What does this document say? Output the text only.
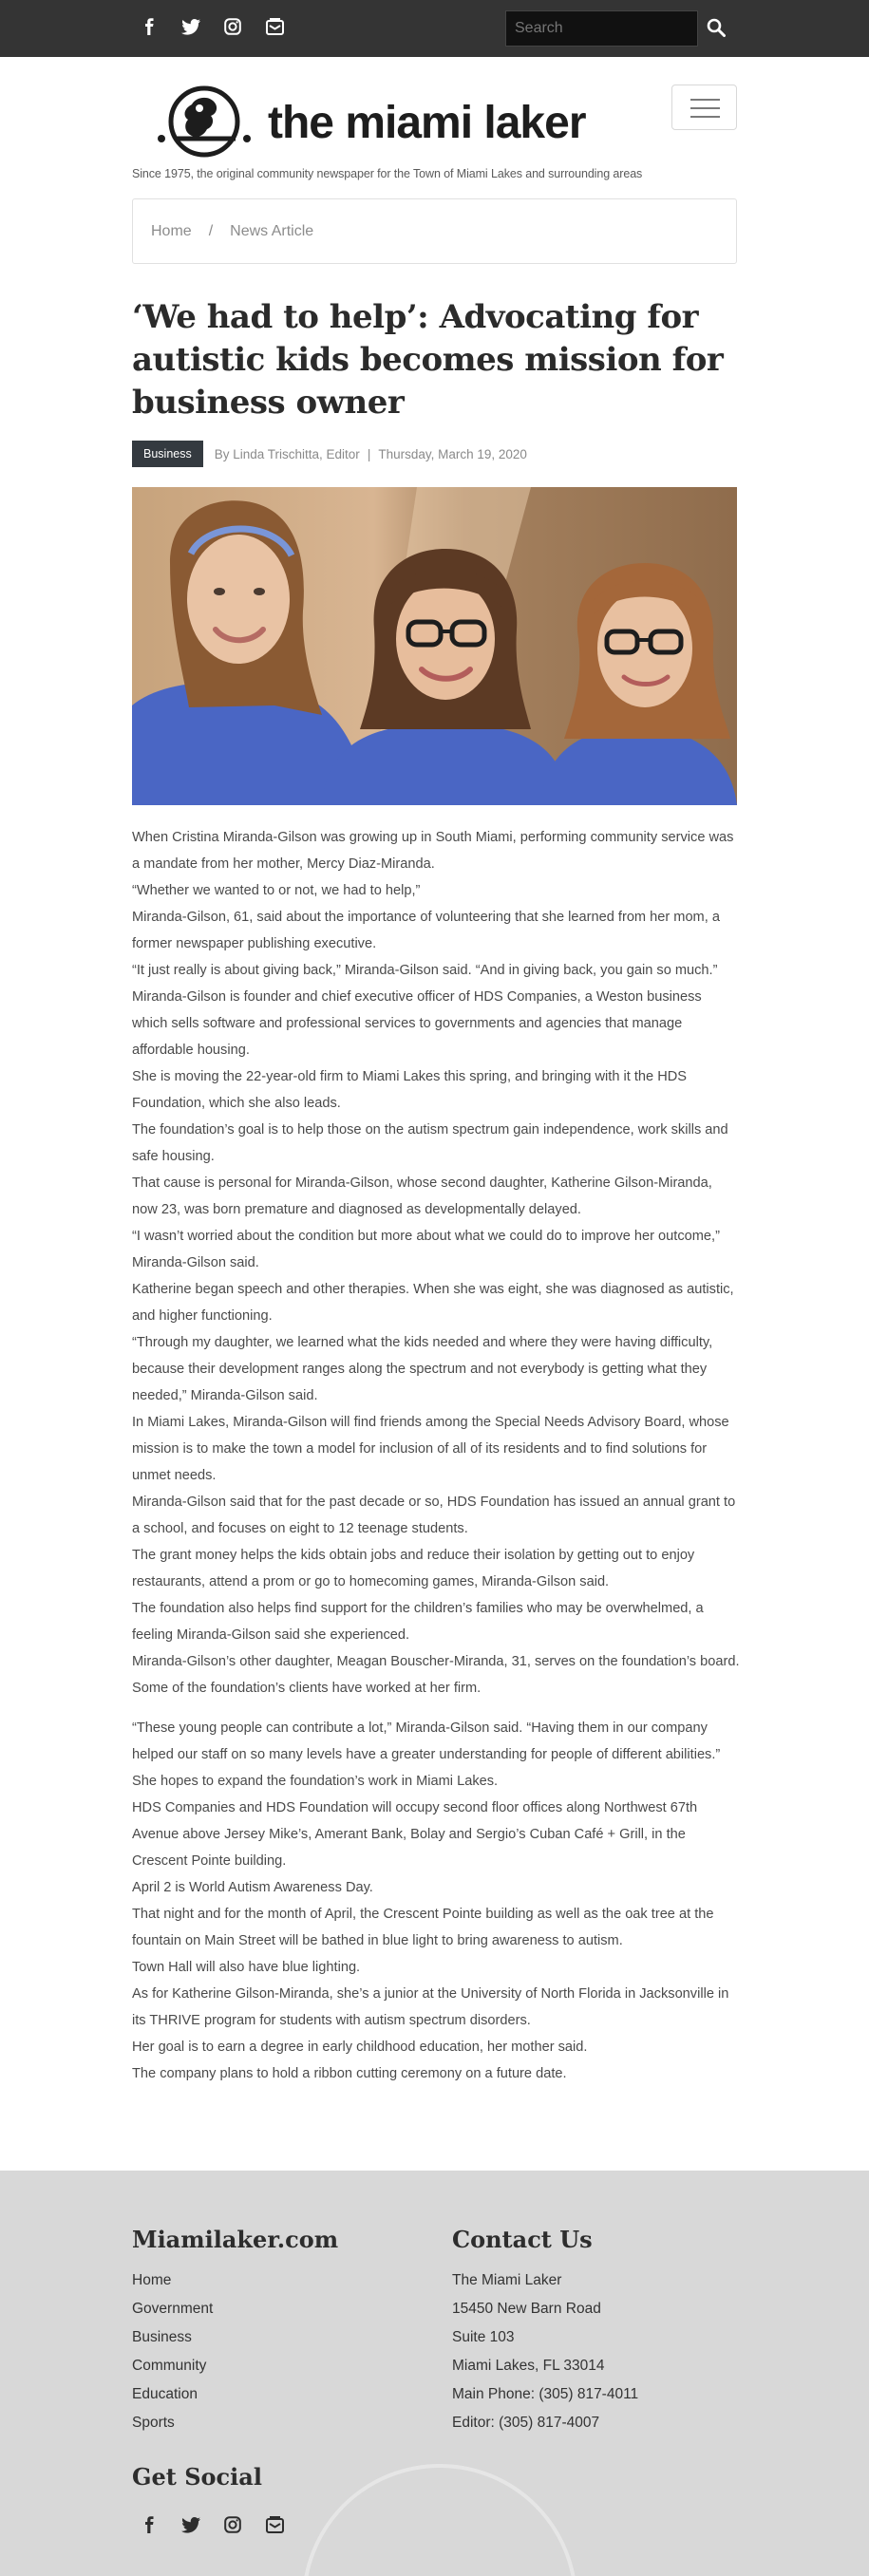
Search
the miami laker
Since 1975, the original community newspaper for the Town of Miami Lakes and surrounding areas
Home / News Article
‘We had to help’: Advocating for autistic kids becomes mission for business owner
Business	By Linda Trischitta, Editor | Thursday, March 19, 2020

When Cristina Miranda-Gilson was growing up in South Miami, performing community service was a mandate from her mother, Mercy Diaz-Miranda.

“Whether we wanted to or not, we had to help,”

Miranda-Gilson, 61, said about the importance of volunteering that she learned from her mom, a former newspaper publishing executive.

“It just really is about giving back,” Miranda-Gilson said. “And in giving back, you gain so much.”

Miranda-Gilson is founder and chief executive officer of HDS Companies, a Weston business which sells software and professional services to governments and agencies that manage affordable housing.

She is moving the 22-year-old firm to Miami Lakes this spring, and bringing with it the HDS Foundation, which she also leads.

The foundation’s goal is to help those on the autism spectrum gain independence, work skills and safe housing.

That cause is personal for Miranda-Gilson, whose second daughter, Katherine Gilson-Miranda, now 23, was born premature and diagnosed as developmentally delayed.

“I wasn’t worried about the condition but more about what we could do to improve her outcome,” Miranda-Gilson said.

Katherine began speech and other therapies. When she was eight, she was diagnosed as autistic, and higher functioning.

“Through my daughter, we learned what the kids needed and where they were having difficulty, because their development ranges along the spectrum and not everybody is getting what they needed,” Miranda-Gilson said.

In Miami Lakes, Miranda-Gilson will find friends among the Special Needs Advisory Board, whose mission is to make the town a model for inclusion of all of its residents and to find solutions for unmet needs.

Miranda-Gilson said that for the past decade or so, HDS Foundation has issued an annual grant to a school, and focuses on eight to 12 teenage students.

The grant money helps the kids obtain jobs and reduce their isolation by getting out to enjoy restaurants, attend a prom or go to homecoming games, Miranda-Gilson said.

The foundation also helps find support for the children’s families who may be overwhelmed, a feeling Miranda-Gilson said she experienced.

Miranda-Gilson’s other daughter, Meagan Bouscher-Miranda, 31, serves on the foundation’s board. Some of the foundation’s clients have worked at her firm.

“These young people can contribute a lot,” Miranda-Gilson said. “Having them in our company helped our staff on so many levels have a greater understanding for people of different abilities.”

She hopes to expand the foundation’s work in Miami Lakes.

HDS Companies and HDS Foundation will occupy second floor offices along Northwest 67th Avenue above Jersey Mike’s, Amerant Bank, Bolay and Sergio’s Cuban Café + Grill, in the Crescent Pointe building.

April 2 is World Autism Awareness Day.

That night and for the month of April, the Crescent Pointe building as well as the oak tree at the fountain on Main Street will be bathed in blue light to bring awareness to autism.

Town Hall will also have blue lighting.

As for Katherine Gilson-Miranda, she’s a junior at the University of North Florida in Jacksonville in its THRIVE program for students with autism spectrum disorders.

Her goal is to earn a degree in early childhood education, her mother said.

The company plans to hold a ribbon cutting ceremony on a future date.

Miamilaker.com
Home
Government
Business
Community
Education
Sports
Contact Us
The Miami Laker
15450 New Barn Road
Suite 103
Miami Lakes, FL 33014
Main Phone: (305) 817-4011
Editor: (305) 817-4007
Get Social
